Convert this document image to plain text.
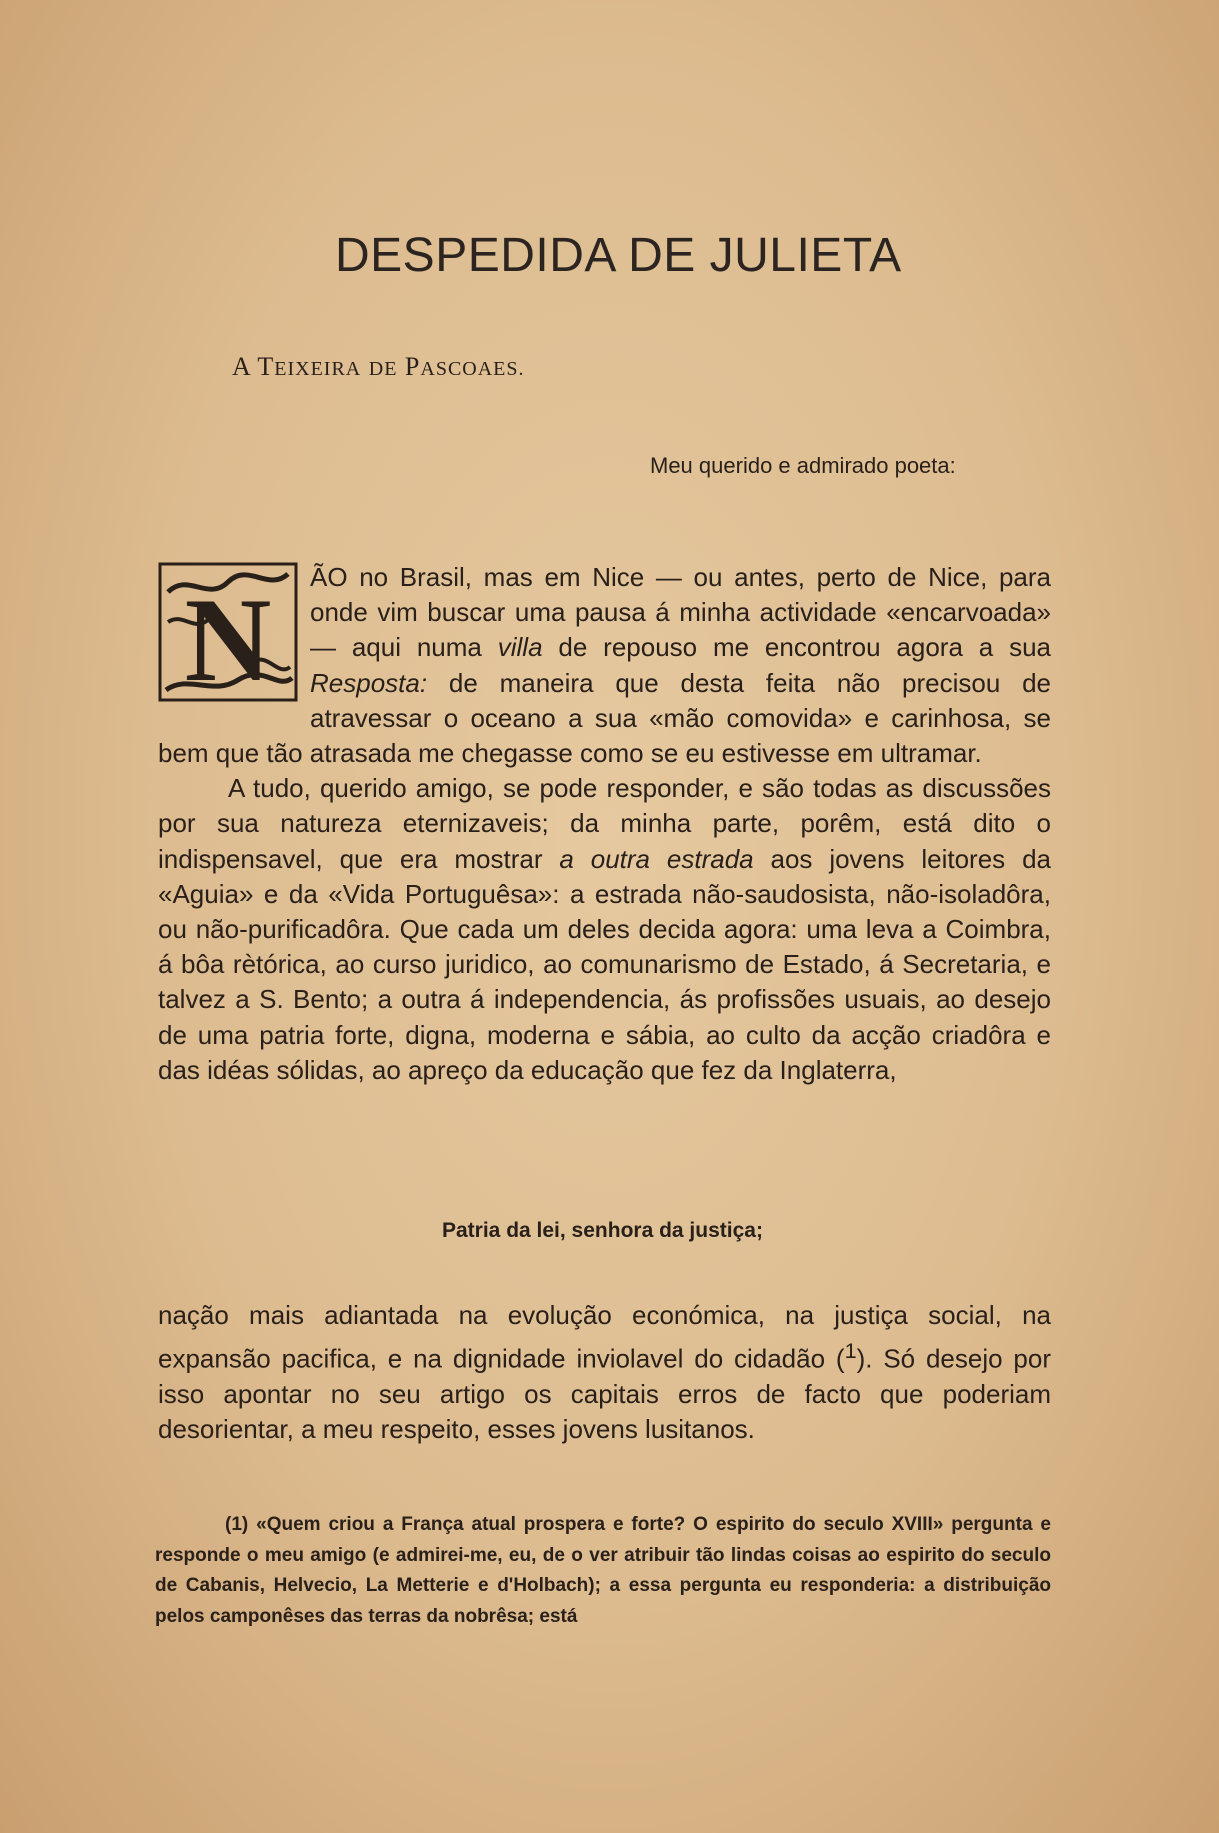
DESPEDIDA DE JULIETA
A TEIXEIRA DE PASCOAES.
Meu querido e admirado poeta:
N	ÃO no Brasil, mas em Nice — ou antes, perto de Nice, para onde vim buscar uma pausa á minha actividade «encarvoada» — aqui numa villa de repouso me encontrou agora a sua Resposta: de maneira que desta feita não precisou de atravessar o oceano a sua «mão comovida» e carinhosa, se bem que tão atrasada me chegasse como se eu estivesse em ultramar.

A tudo, querido amigo, se pode responder, e são todas as discussões por sua natureza eternizaveis; da minha parte, porêm, está dito o indispensavel, que era mostrar a outra estrada aos jovens leitores da «Aguia» e da «Vida Portuguêsa»: a estrada não-saudosista, não-isoladôra, ou não-purificadôra. Que cada um deles decida agora: uma leva a Coimbra, á bôa rètórica, ao curso juridico, ao comunarismo de Estado, á Secretaria, e talvez a S. Bento; a outra á independencia, ás profissões usuais, ao desejo de uma patria forte, digna, moderna e sábia, ao culto da acção criadôra e das idéas sólidas, ao apreço da educação que fez da Inglaterra,

Patria da lei, senhora da justiça;

nação mais adiantada na evolução económica, na justiça social, na expansão pacifica, e na dignidade inviolavel do cidadão ($^1$). Só desejo por isso apontar no seu artigo os capitais erros de facto que poderiam desorientar, a meu respeito, esses jovens lusitanos.

(1) «Quem criou a França atual prospera e forte? O espirito do seculo XVIII» pergunta e responde o meu amigo (e admirei-me, eu, de o ver atribuir tão lindas coisas ao espirito do seculo de Cabanis, Helvecio, La Metterie e d'Holbach); a essa pergunta eu responderia: a distribuição pelos camponêses das terras da nobrêsa; está
